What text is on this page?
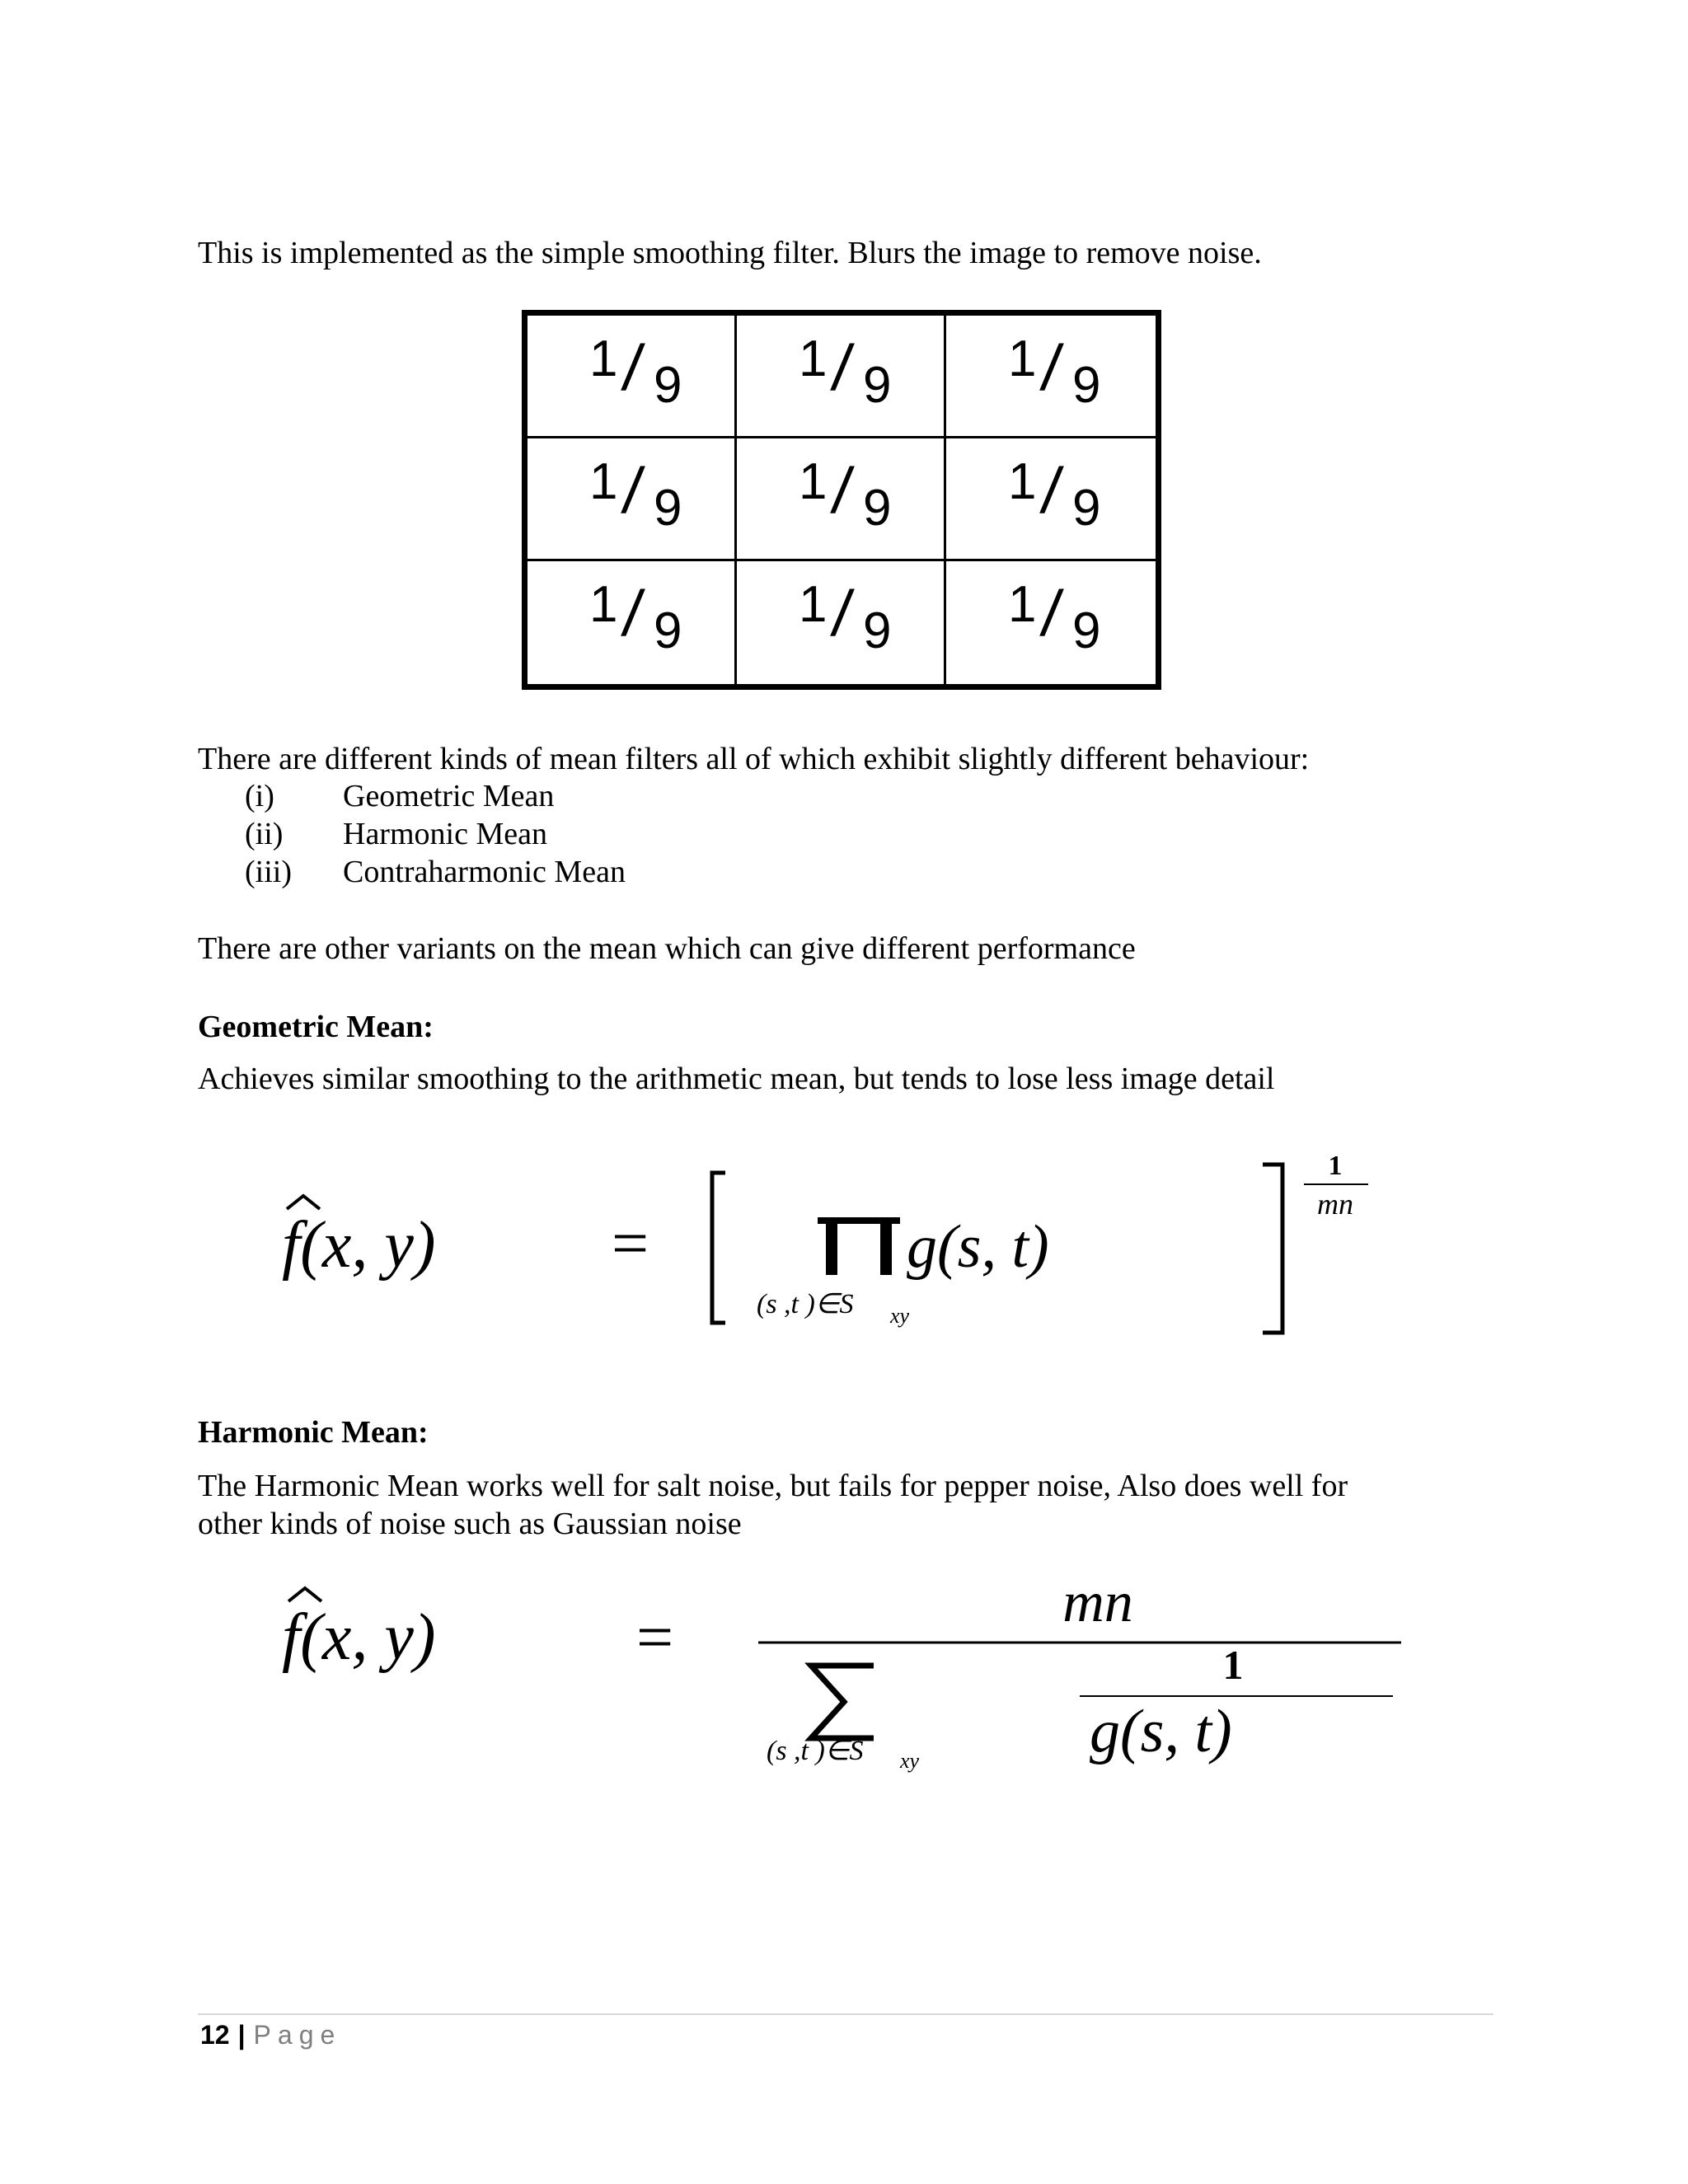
This is implemented as the simple smoothing filter. Blurs the image to remove noise.
1 / 9 1 / 9 1 / 9
1 / 9 1 / 9 1 / 9
1 / 9 1 / 9 1 / 9
There are different kinds of mean filters all of which exhibit slightly different behaviour:
(i) Geometric Mean
(ii) Harmonic Mean
(iii) Contraharmonic Mean
There are other variants on the mean which can give different performance
Geometric Mean:
Achieves similar smoothing to the arithmetic mean, but tends to lose less image detail
f(x, y)	=	g(s, t)
(s ,t )∈S xy
1
mn
Harmonic Mean:
The Harmonic Mean works well for salt noise, but fails for pepper noise, Also does well for
other kinds of noise such as Gaussian noise
f(x, y)	=	mn
(s ,t )∈S xy
1
g(s, t)
12 | Page
